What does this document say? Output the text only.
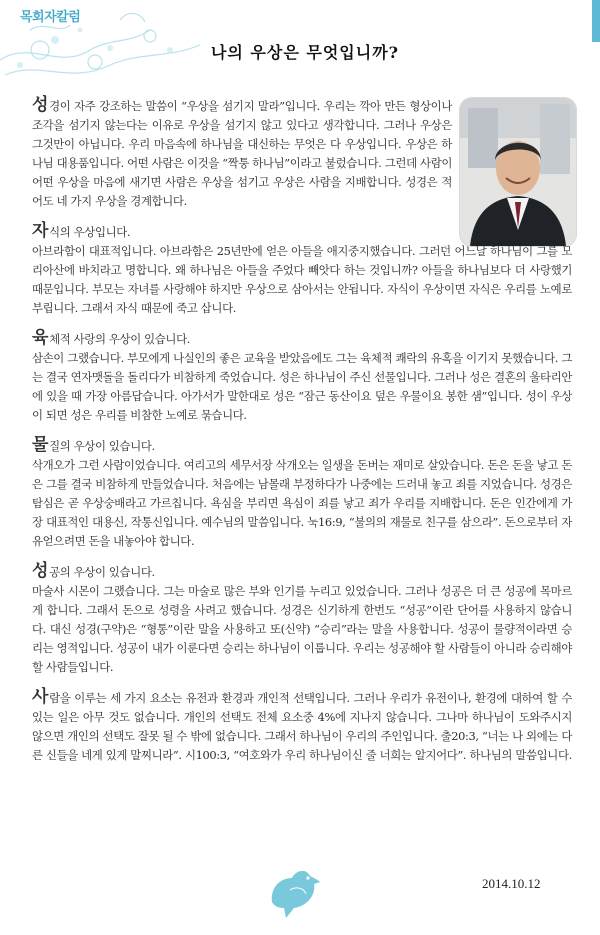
목회자칼럼
나의 우상은 무엇입니까?

성경이 자주 강조하는 말씀이 “우상을 섬기지 말라”입니다. 우리는 깍아 만든 형상이나 조각을 섬기지 않는다는 이유로 우상을 섬기지 않고 있다고 생각합니다. 그러나 우상은 그것만이 아닙니다. 우리 마음속에 하나님을 대신하는 무엇은 다 우상입니다. 우상은 하나님 대용품입니다. 어떤 사람은 이것을 “짝퉁 하나님”이라고 불렀습니다. 그런데 사람이 어떤 우상을 마음에 새기면 사람은 우상을 섬기고 우상은 사람을 지배합니다. 성경은 적어도 네 가지 우상을 경계합니다.

자식의 우상입니다.

아브라함이 대표적입니다. 아브라함은 25년만에 얻은 아들을 애지중지했습니다. 그러던 어느날 하나님이 그를 모리아산에 바치라고 명합니다. 왜 하나님은 아들을 주었다 빼앗다 하는 것입니까? 아들을 하나님보다 더 사랑했기 때문입니다. 부모는 자녀를 사랑해야 하지만 우상으로 삼아서는 안됩니다. 자식이 우상이면 자식은 우리를 노예로 부립니다. 그래서 자식 때문에 죽고 삽니다.

육체적 사랑의 우상이 있습니다.

삼손이 그랬습니다. 부모에게 나실인의 좋은 교육을 받았음에도 그는 육체적 쾌락의 유혹을 이기지 못했습니다. 그는 결국 연자맷돌을 돌리다가 비참하게 죽었습니다. 성은 하나님이 주신 선물입니다. 그러나 성은 결혼의 울타리안에 있을 때 가장 아름답습니다. 아가서가 말한대로 성은 “잠근 동산이요 덮은 우물이요 봉한 샘”입니다. 성이 우상이 되면 성은 우리를 비참한 노예로 묶습니다.

물질의 우상이 있습니다.

삭개오가 그런 사람이었습니다. 여리고의 세무서장 삭개오는 일생을 돈버는 재미로 살았습니다. 돈은 돈을 낳고 돈은 그를 결국 비참하게 만들었습니다. 처음에는 남몰래 부정하다가 나중에는 드러내 놓고 죄를 지었습니다. 성경은 탐심은 곧 우상숭배라고 가르칩니다. 욕심을 부리면 욕심이 죄를 낳고 죄가 우리를 지배합니다. 돈은 인간에게 가장 대표적인 대용신, 작통신입니다. 예수님의 말씀입니다. 눅16:9, “불의의 재물로 친구를 삼으라”. 돈으로부터 자유얻으려면 돈을 내놓아야 합니다.

성공의 우상이 있습니다.

마술사 시몬이 그랬습니다. 그는 마술로 많은 부와 인기를 누리고 있었습니다. 그러나 성공은 더 큰 성공에 목마르게 합니다. 그래서 돈으로 성령을 사려고 했습니다. 성경은 신기하게 한번도 “성공”이란 단어를 사용하지 않습니다. 대신 성경(구약)은 “형통”이란 말을 사용하고 또(신약) “승리”라는 말을 사용합니다. 성공이 물량적이라면 승리는 영적입니다. 성공이 내가 이룬다면 승리는 하나님이 이룹니다. 우리는 성공해야 할 사람들이 아니라 승리해야 할 사람들입니다.

사람을 이루는 세 가지 요소는 유전과 환경과 개인적 선택입니다. 그러나 우리가 유전이나, 환경에 대하여 할 수 있는 일은 아무 것도 없습니다. 개인의 선택도 전체 요소중 4%에 지나지 않습니다. 그나마 하나님이 도와주시지 않으면 개인의 선택도 잘못 될 수 밖에 없습니다. 그래서 하나님이 우리의 주인입니다. 출20:3, “너는 나 외에는 다른 신들을 네게 있게 말찌니라”. 시100:3, “여호와가 우리 하나님이신 줄 너희는 알지어다”. 하나님의 말씀입니다.

2014.10.12
